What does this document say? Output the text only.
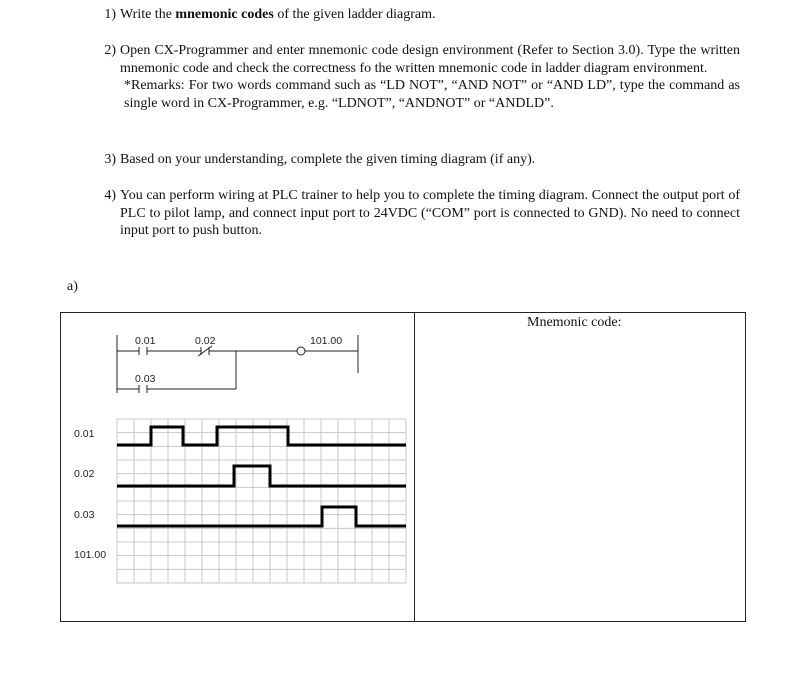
1) Write the mnemonic codes of the given ladder diagram.

2) Open CX-Programmer and enter mnemonic code design environment (Refer to Section 3.0). Type the written mnemonic code and check the correctness fo the written mnemonic code in ladder diagram environment.

*Remarks: For two words command such as “LD NOT”, “AND NOT” or “AND LD”, type the command as single word in CX-Programmer, e.g. “LDNOT”, “ANDNOT” or “ANDLD”.

3) Based on your understanding, complete the given timing diagram (if any).

4) You can perform wiring at PLC trainer to help you to complete the timing diagram. Connect the output port of PLC to pilot lamp, and connect input port to 24VDC (“COM” port is connected to GND). No need to connect input port to push button.

a)
Mnemonic code:
0.01	0.02	101.00
0.03
0.01
0.02
0.03
101.00
